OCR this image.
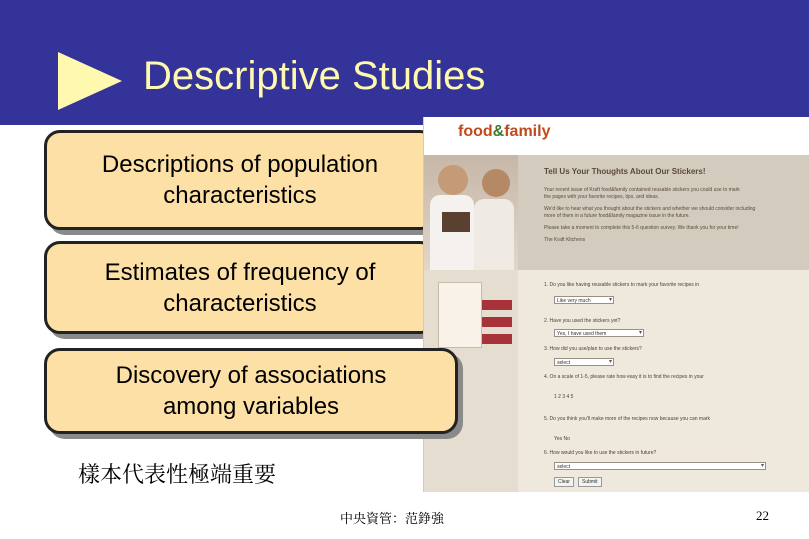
Descriptive Studies
Descriptions of population
characteristics
Estimates of frequency of
characteristics
food&family
Tell Us Your Thoughts About Our Stickers!
Your recent issue of Kraft food&family contained reusable stickers you could use to mark
the pages with your favorite recipes, tips, and ideas.
We'd like to hear what you thought about the stickers and whether we should consider including
more of them in a future food&family magazine issue in the future.
Please take a moment to complete this 5-6 question survey. We thank you for your time!
The Kraft Kitchens
1. Do you like having reusable stickers to mark your favorite recipes in
Like very much ▾
2. Have you used the stickers yet?
Yes, I have used them ▾
3. How did you use/plan to use the stickers?
select ▾
4. On a scale of 1-5, please rate how easy it is to find the recipes in your
1 2 3 4 5
5. Do you think you'll make more of the recipes now because you can mark
Yes No
6. How would you like to use the stickers in future?
select ▾
Clear	Submit
Discovery of associations
among variables
樣本代表性極端重要
中央資管：范錚強	22
